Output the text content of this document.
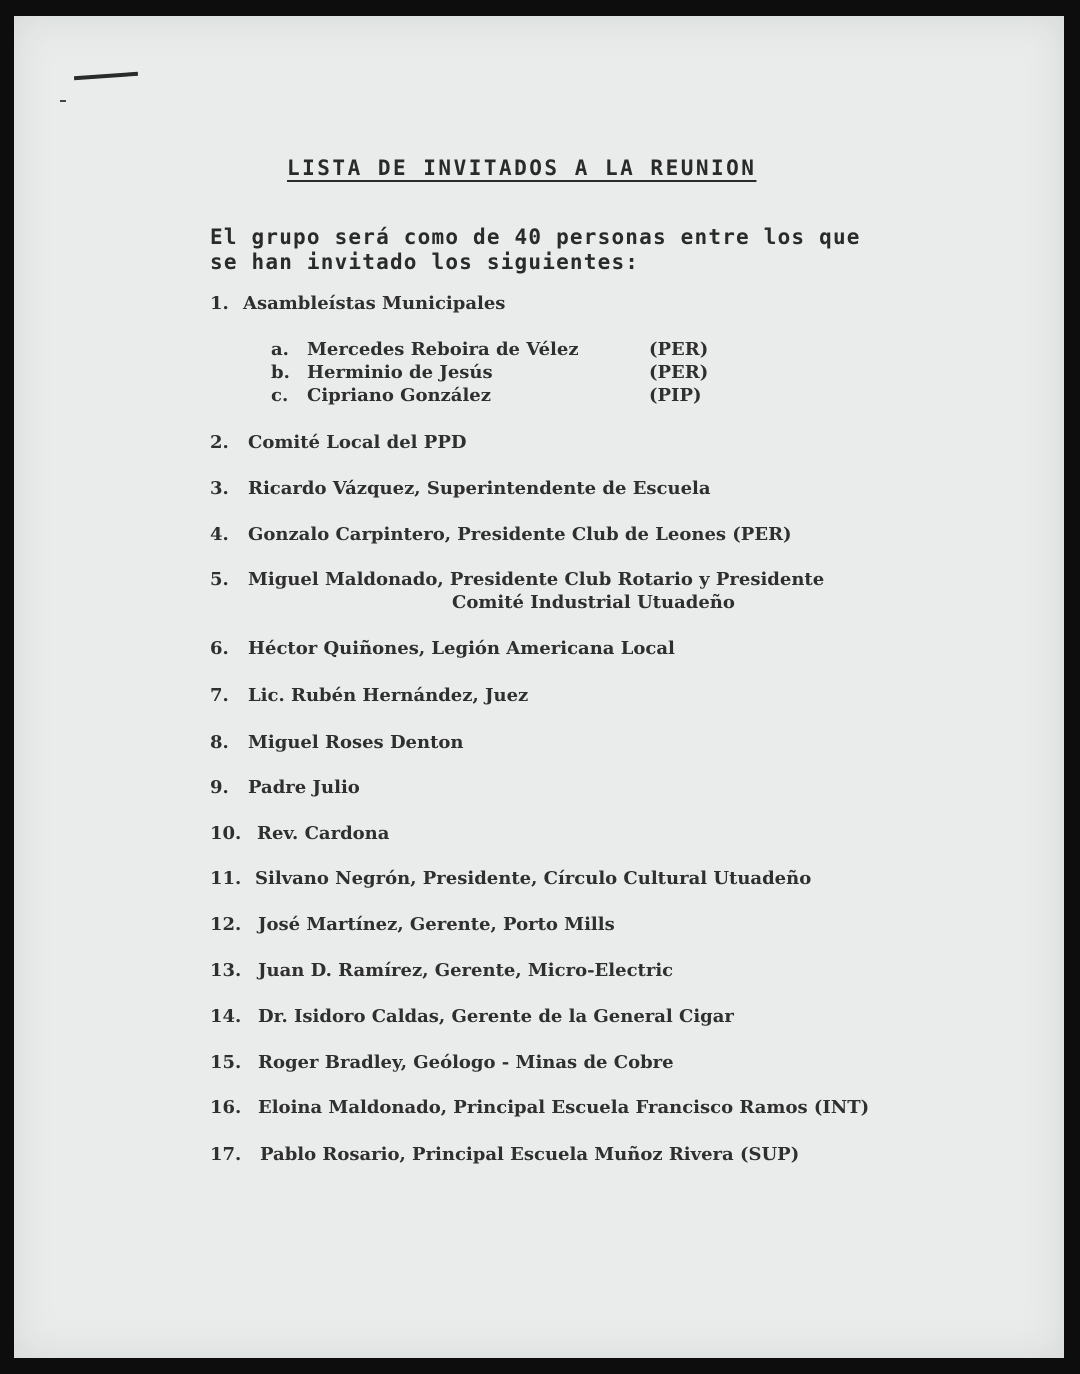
LISTA DE INVITADOS A LA REUNION
El grupo será como de 40 personas entre los que
se han invitado los siguientes:
1. Asambleístas Municipales
a. Mercedes Reboira de Vélez	(PER)
b. Herminio de Jesús	(PER)
c. Cipriano González	(PIP)
2. Comité Local del PPD
3. Ricardo Vázquez, Superintendente de Escuela
4. Gonzalo Carpintero, Presidente Club de Leones (PER)
5. Miguel Maldonado, Presidente Club Rotario y Presidente
Comité Industrial Utuadeño
6. Héctor Quiñones, Legión Americana Local
7. Lic. Rubén Hernández, Juez
8. Miguel Roses Denton
9. Padre Julio
10. Rev. Cardona
11. Silvano Negrón, Presidente, Círculo Cultural Utuadeño
12. José Martínez, Gerente, Porto Mills
13. Juan D. Ramírez, Gerente, Micro-Electric
14. Dr. Isidoro Caldas, Gerente de la General Cigar
15. Roger Bradley, Geólogo - Minas de Cobre
16. Eloina Maldonado, Principal Escuela Francisco Ramos (INT)
17. Pablo Rosario, Principal Escuela Muñoz Rivera (SUP)
